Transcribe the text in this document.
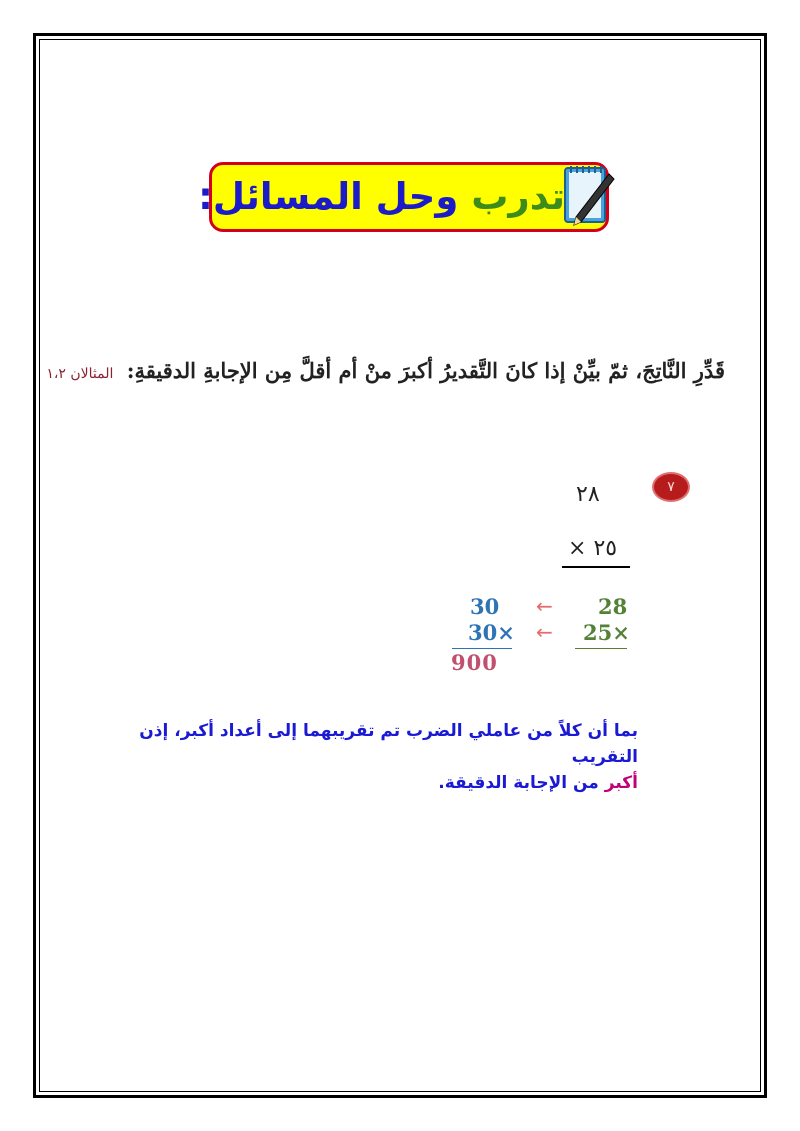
تدرب وحل المسائل:
قَدِّرِ النَّاتِجَ، ثمّ بيِّنْ إذا كانَ التَّقديرُ أكبرَ منْ أم أقلَّ مِن الإجابةِ الدقيقةِ: المثالان ١،٢
٧
٢٨
٢٥ ×
30 ← 28
30× ← 25×
900
بما أن كلاً من عاملي الضرب تم تقريبهما إلى أعداد أكبر، إذن التقريب
أكبر من الإجابة الدقيقة.
